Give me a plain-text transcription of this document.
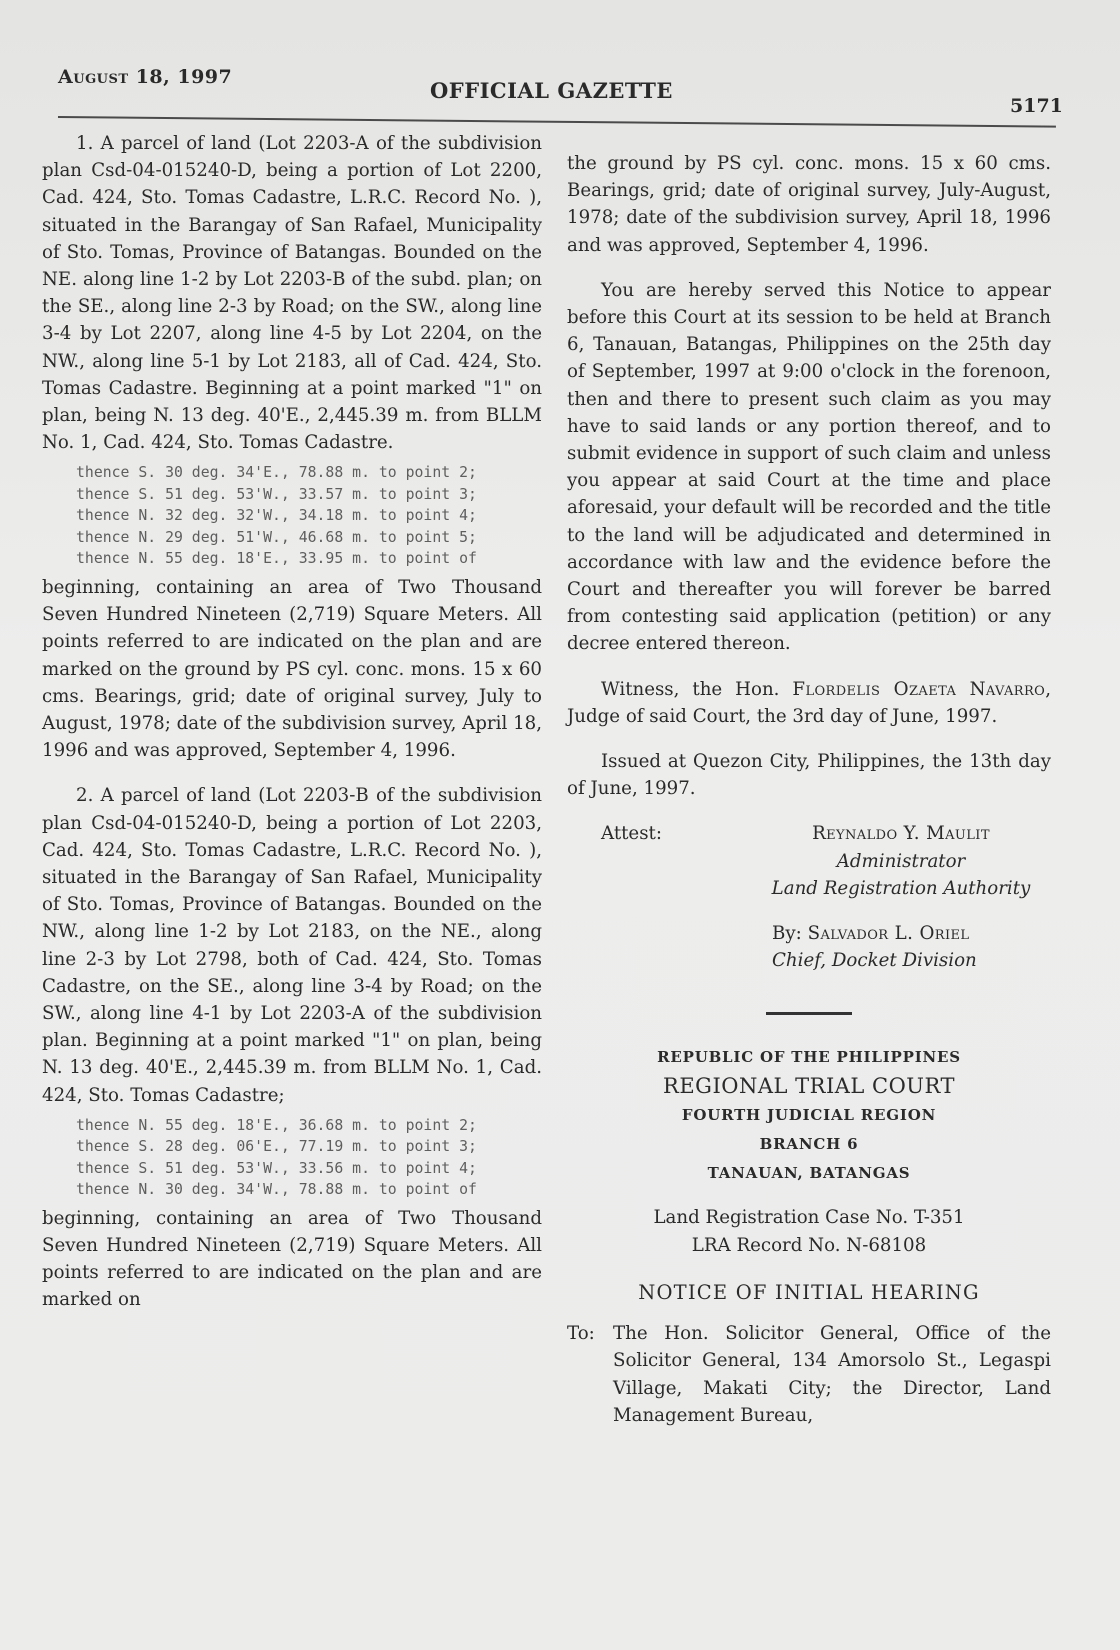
August 18, 1997
OFFICIAL GAZETTE
5171

1. A parcel of land (Lot 2203-A of the subdivision plan Csd-04-015240-D, being a portion of Lot 2200, Cad. 424, Sto. Tomas Cadastre, L.R.C. Record No. ), situated in the Barangay of San Rafael, Municipality of Sto. Tomas, Province of Batangas. Bounded on the NE. along line 1-2 by Lot 2203-B of the subd. plan; on the SE., along line 2-3 by Road; on the SW., along line 3-4 by Lot 2207, along line 4-5 by Lot 2204, on the NW., along line 5-1 by Lot 2183, all of Cad. 424, Sto. Tomas Cadastre. Beginning at a point marked "1" on plan, being N. 13 deg. 40'E., 2,445.39 m. from BLLM No. 1, Cad. 424, Sto. Tomas Cadastre.

thence S. 30 deg. 34'E., 78.88 m. to point 2;
thence S. 51 deg. 53'W., 33.57 m. to point 3;
thence N. 32 deg. 32'W., 34.18 m. to point 4;
thence N. 29 deg. 51'W., 46.68 m. to point 5;
thence N. 55 deg. 18'E., 33.95 m. to point of

beginning, containing an area of Two Thousand Seven Hundred Nineteen (2,719) Square Meters. All points referred to are indicated on the plan and are marked on the ground by PS cyl. conc. mons. 15 x 60 cms. Bearings, grid; date of original survey, July to August, 1978; date of the subdivision survey, April 18, 1996 and was approved, September 4, 1996.

2. A parcel of land (Lot 2203-B of the subdivision plan Csd-04-015240-D, being a portion of Lot 2203, Cad. 424, Sto. Tomas Cadastre, L.R.C. Record No. ), situated in the Barangay of San Rafael, Municipality of Sto. Tomas, Province of Batangas. Bounded on the NW., along line 1-2 by Lot 2183, on the NE., along line 2-3 by Lot 2798, both of Cad. 424, Sto. Tomas Cadastre, on the SE., along line 3-4 by Road; on the SW., along line 4-1 by Lot 2203-A of the subdivision plan. Beginning at a point marked "1" on plan, being N. 13 deg. 40'E., 2,445.39 m. from BLLM No. 1, Cad. 424, Sto. Tomas Cadastre;

thence N. 55 deg. 18'E., 36.68 m. to point 2;
thence S. 28 deg. 06'E., 77.19 m. to point 3;
thence S. 51 deg. 53'W., 33.56 m. to point 4;
thence N. 30 deg. 34'W., 78.88 m. to point of

beginning, containing an area of Two Thousand Seven Hundred Nineteen (2,719) Square Meters. All points referred to are indicated on the plan and are marked on

the ground by PS cyl. conc. mons. 15 x 60 cms. Bearings, grid; date of original survey, July-August, 1978; date of the subdivision survey, April 18, 1996 and was approved, September 4, 1996.

You are hereby served this Notice to appear before this Court at its session to be held at Branch 6, Tanauan, Batangas, Philippines on the 25th day of September, 1997 at 9:00 o'clock in the forenoon, then and there to present such claim as you may have to said lands or any portion thereof, and to submit evidence in support of such claim and unless you appear at said Court at the time and place aforesaid, your default will be recorded and the title to the land will be adjudicated and determined in accordance with law and the evidence before the Court and thereafter you will forever be barred from contesting said application (petition) or any decree entered thereon.

Witness, the Hon. Flordelis Ozaeta Navarro, Judge of said Court, the 3rd day of June, 1997.

Issued at Quezon City, Philippines, the 13th day of June, 1997.

Attest:	Reynaldo Y. Maulit
Administrator
Land Registration Authority
By: Salvador L. Oriel
Chief, Docket Division
REPUBLIC OF THE PHILIPPINES
REGIONAL TRIAL COURT
FOURTH JUDICIAL REGION
BRANCH 6
TANAUAN, BATANGAS
Land Registration Case No. T-351
LRA Record No. N-68108
NOTICE OF INITIAL HEARING
To:	The Hon. Solicitor General, Office of the Solicitor General, 134 Amorsolo St., Legaspi Village, Makati City; the Director, Land Management Bureau,
